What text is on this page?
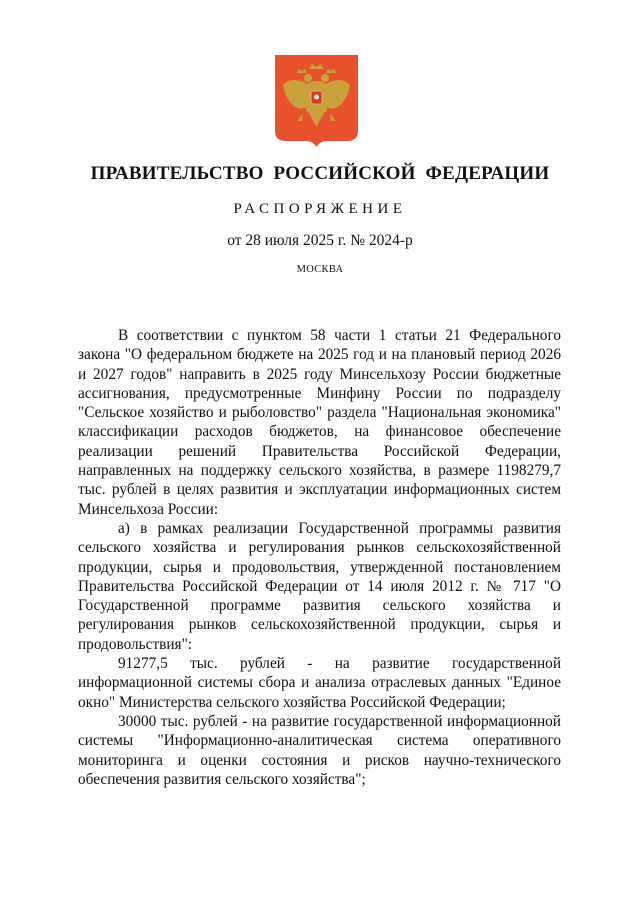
ПРАВИТЕЛЬСТВО РОССИЙСКОЙ ФЕДЕРАЦИИ
РАСПОРЯЖЕНИЕ
от 28 июля 2025 г. № 2024-р
МОСКВА

В соответствии с пунктом 58 части 1 статьи 21 Федерального закона "О федеральном бюджете на 2025 год и на плановый период 2026 и 2027 годов" направить в 2025 году Минсельхозу России бюджетные ассигнования, предусмотренные Минфину России по подразделу "Сельское хозяйство и рыболовство" раздела "Национальная экономика" классификации расходов бюджетов, на финансовое обеспечение реализации решений Правительства Российской Федерации, направленных на поддержку сельского хозяйства, в размере 1198279,7 тыс. рублей в целях развития и эксплуатации информационных систем Минсельхоза России:

а) в рамках реализации Государственной программы развития сельского хозяйства и регулирования рынков сельскохозяйственной продукции, сырья и продовольствия, утвержденной постановлением Правительства Российской Федерации от 14 июля 2012 г. № 717 "О Государственной программе развития сельского хозяйства и регулирования рынков сельскохозяйственной продукции, сырья и продовольствия":

91277,5 тыс. рублей - на развитие государственной информационной системы сбора и анализа отраслевых данных "Единое окно" Министерства сельского хозяйства Российской Федерации;

30000 тыс. рублей - на развитие государственной информационной системы "Информационно-аналитическая система оперативного мониторинга и оценки состояния и рисков научно-технического обеспечения развития сельского хозяйства";
